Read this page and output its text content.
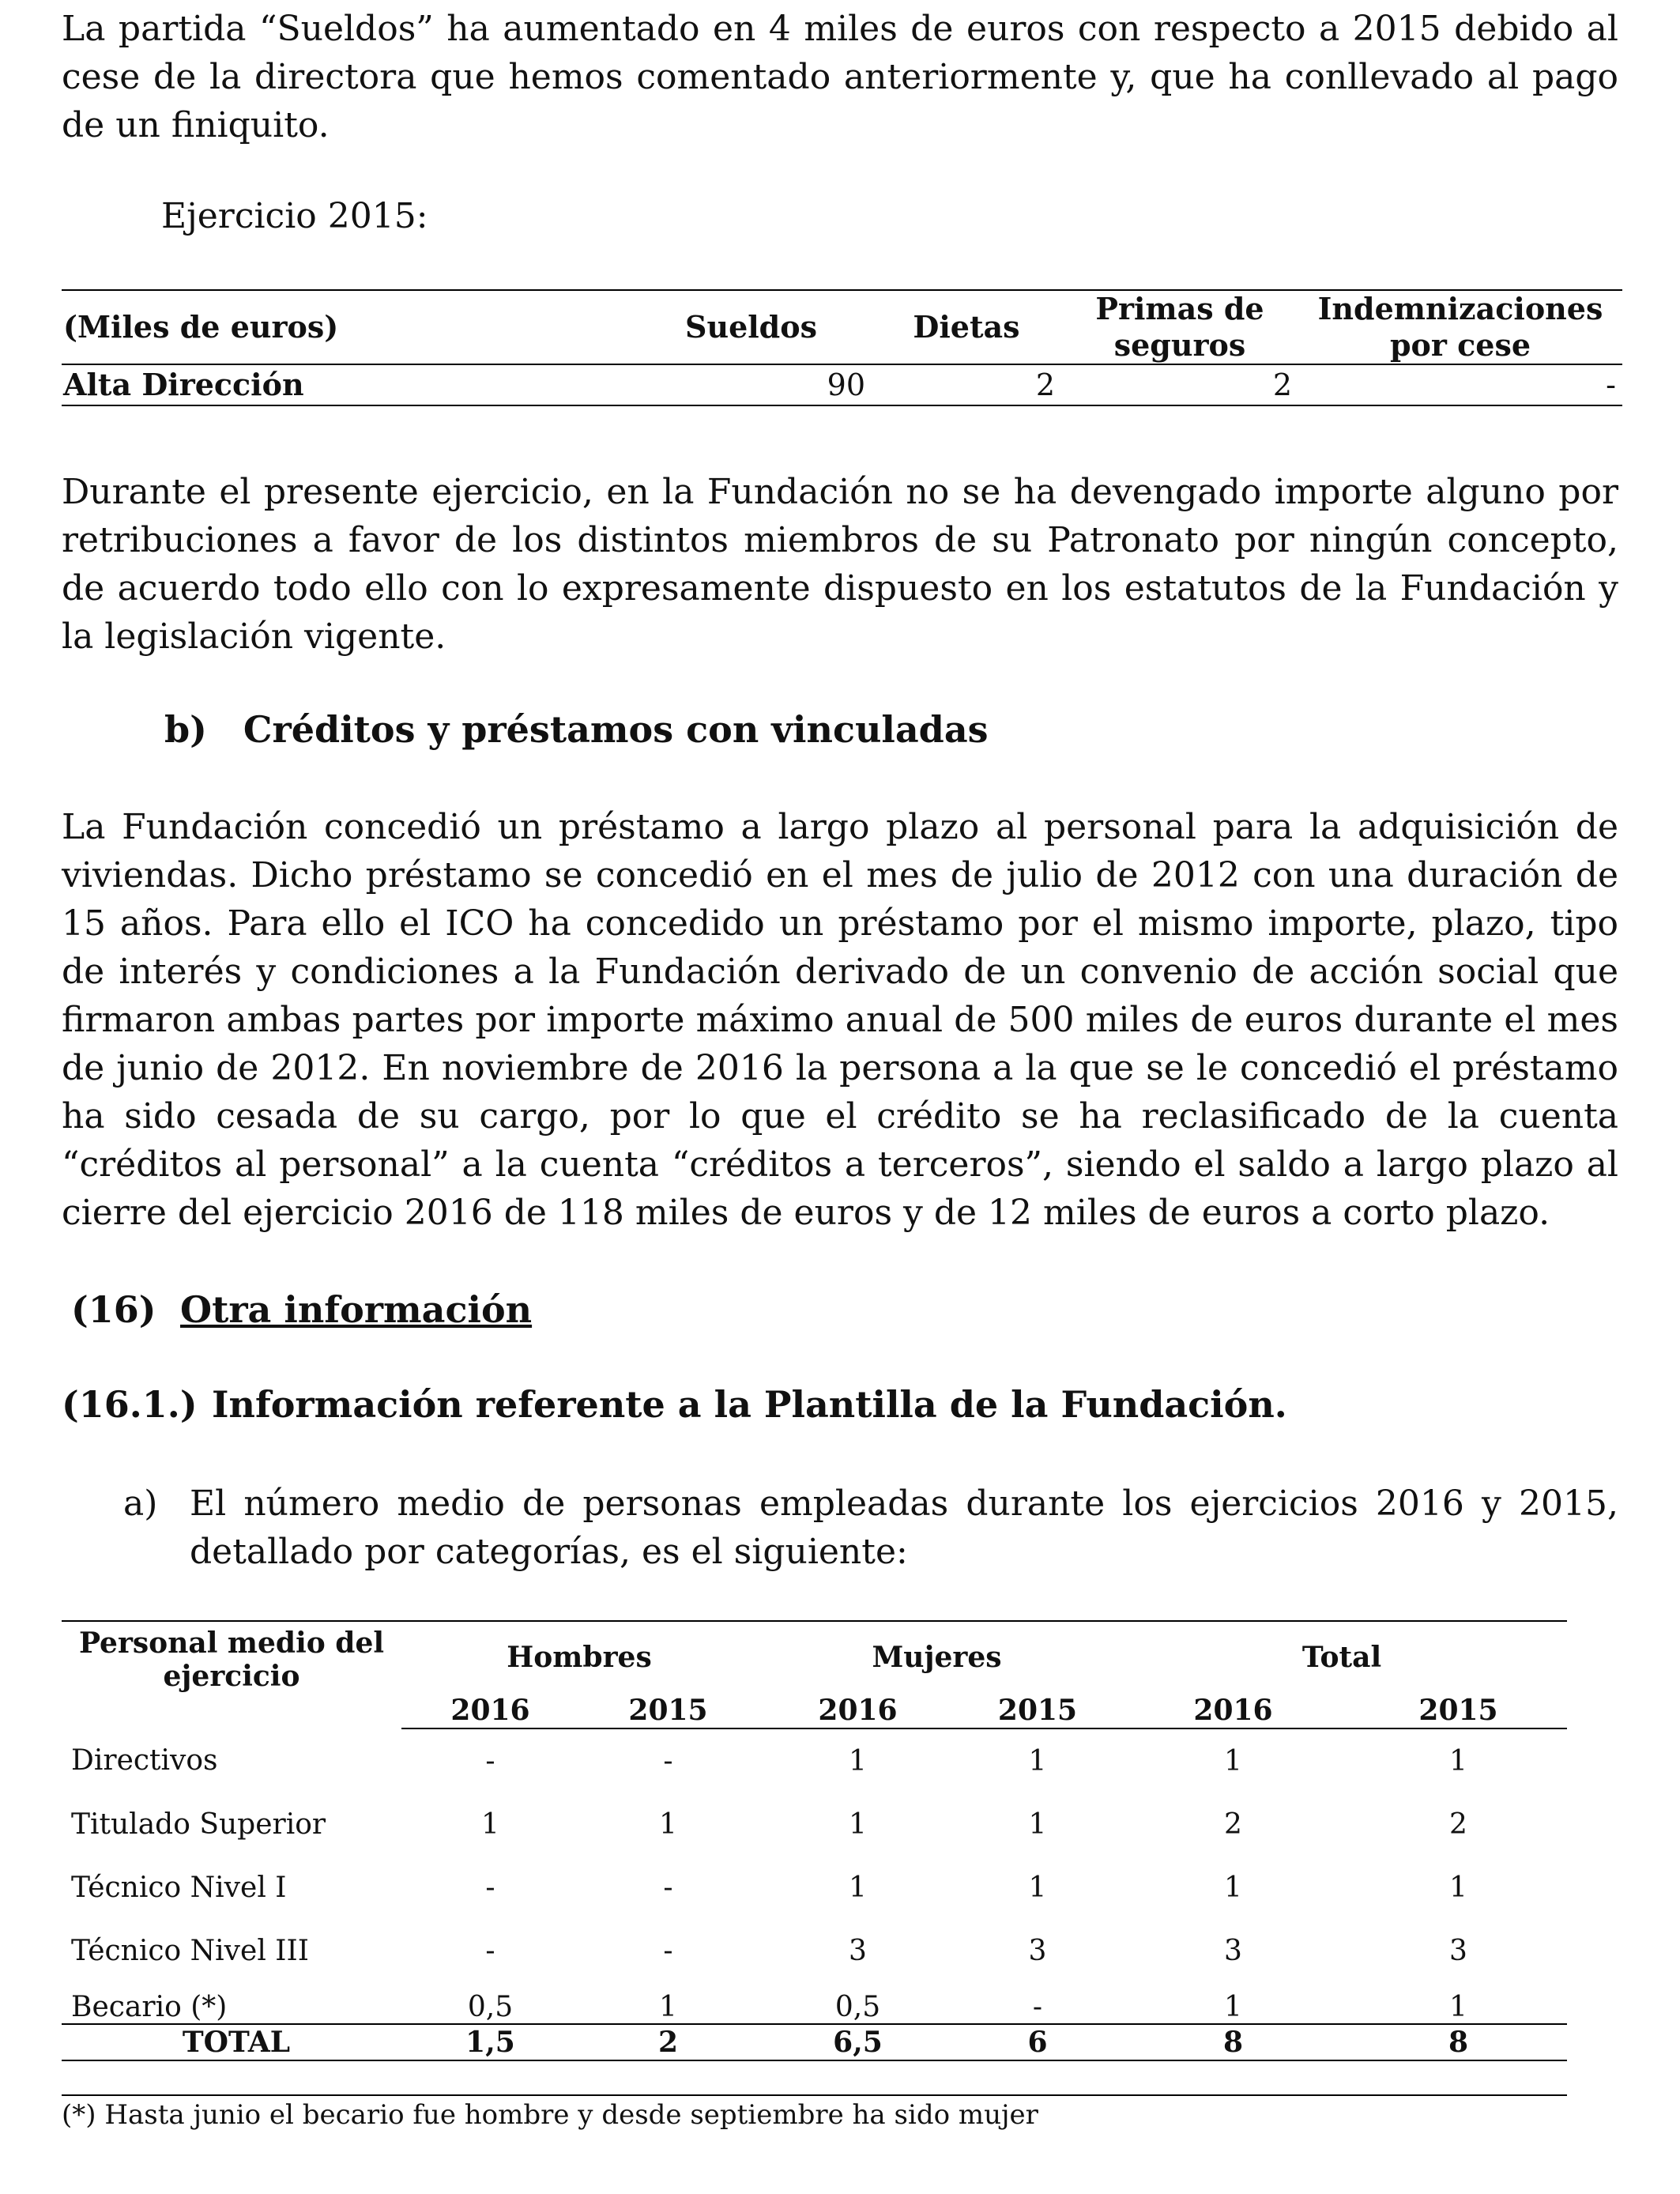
La partida “Sueldos” ha aumentado en 4 miles de euros con respecto a 2015 debido al cese de la directora que hemos comentado anteriormente y, que ha conllevado al pago de un finiquito.

Ejercicio 2015:

(Miles de euros)	Sueldos	Dietas	Primas de seguros	Indemnizaciones por cese
Alta Dirección	90	2	2	-

Durante el presente ejercicio, en la Fundación no se ha devengado importe alguno por retribuciones a favor de los distintos miembros de su Patronato por ningún concepto, de acuerdo todo ello con lo expresamente dispuesto en los estatutos de la Fundación y la legislación vigente.

b) Créditos y préstamos con vinculadas

La Fundación concedió un préstamo a largo plazo al personal para la adquisición de viviendas. Dicho préstamo se concedió en el mes de julio de 2012 con una duración de 15 años. Para ello el ICO ha concedido un préstamo por el mismo importe, plazo, tipo de interés y condiciones a la Fundación derivado de un convenio de acción social que firmaron ambas partes por importe máximo anual de 500 miles de euros durante el mes de junio de 2012. En noviembre de 2016 la persona a la que se le concedió el préstamo ha sido cesada de su cargo, por lo que el crédito se ha reclasificado de la cuenta “créditos al personal” a la cuenta “créditos a terceros”, siendo el saldo a largo plazo al cierre del ejercicio 2016 de 118 miles de euros y de 12 miles de euros a corto plazo.

(16) Otra información

(16.1.) Información referente a la Plantilla de la Fundación.

a) El número medio de personas empleadas durante los ejercicios 2016 y 2015, detallado por categorías, es el siguiente:

Personal medio del ejercicio	Hombres		Mujeres		Total	
	2016	2015	2016	2015	2016	2015
Directivos	-	-	1	1	1	1
Titulado Superior	1	1	1	1	2	2
Técnico Nivel I	-	-	1	1	1	1
Técnico Nivel III	-	-	3	3	3	3
Becario (*)	0,5	1	0,5	-	1	1
TOTAL	1,5	2	6,5	6	8	8

(*) Hasta junio el becario fue hombre y desde septiembre ha sido mujer
